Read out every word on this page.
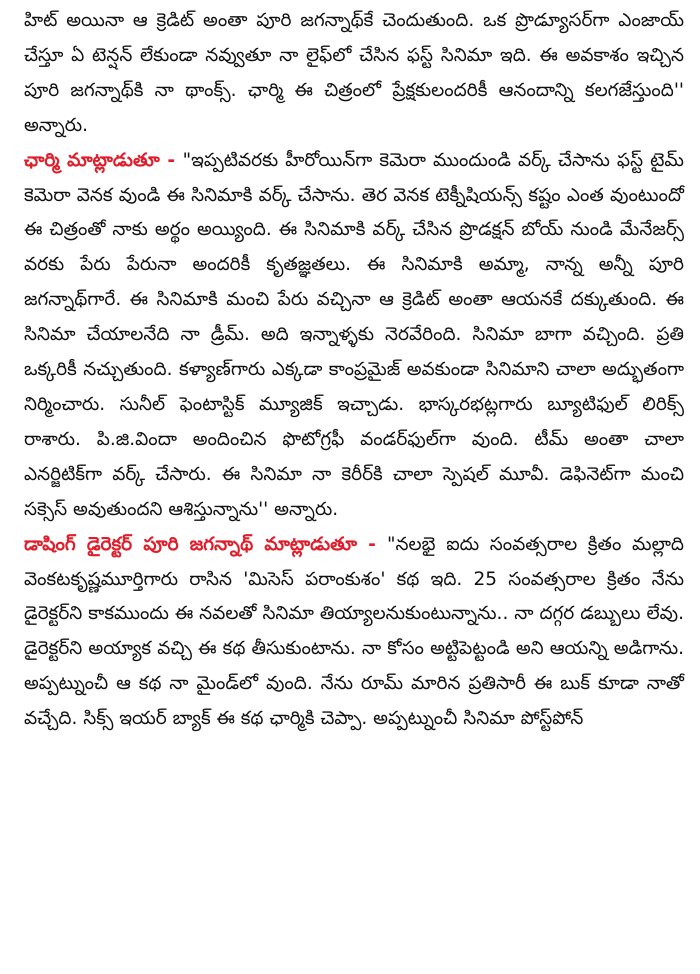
హిట్ అయినా ఆ క్రెడిట్ అంతా పూరి జగన్నాథ్‌కే చెందుతుంది. ఒక ప్రొడ్యూసర్‌గా ఎంజాయ్ చేస్తూ ఏ టెన్షన్ లేకుండా నవ్వుతూ నా లైఫ్‌లో చేసిన ఫస్ట్ సినిమా ఇది. ఈ అవకాశం ఇచ్చిన పూరి జగన్నాథ్‌కి నా థాంక్స్. ఛార్మి ఈ చిత్రంలో ప్రేక్షకులందరికీ ఆనందాన్ని కలగజేస్తుంది'' అన్నారు.

ఛార్మి మాట్లాడుతూ - "ఇప్పటివరకు హీరోయిన్‌గా కెమెరా ముందుండి వర్క్ చేసాను ఫస్ట్ టైమ్ కెమెరా వెనక వుండి ఈ సినిమాకి వర్క్ చేసాను. తెర వెనక టెక్నీషియన్స్ కష్టం ఎంత వుంటుందో ఈ చిత్రంతో నాకు అర్థం అయ్యింది. ఈ సినిమాకి వర్క్ చేసిన ప్రొడక్షన్ బోయ్ నుండి మేనేజర్స్ వరకు పేరు పేరునా అందరికీ కృతజ్ఞతలు. ఈ సినిమాకి అమ్మా, నాన్న అన్నీ పూరి జగన్నాథ్‌గారే. ఈ సినిమాకి మంచి పేరు వచ్చినా ఆ క్రెడిట్ అంతా ఆయనకే దక్కుతుంది. ఈ సినిమా చేయాలనేది నా డ్రీమ్. అది ఇన్నాళ్ళకు నెరవేరింది. సినిమా బాగా వచ్చింది. ప్రతి ఒక్కరికీ నచ్చుతుంది. కళ్యాణ్‌గారు ఎక్కడా కాంప్రమైజ్ అవకుండా సినిమాని చాలా అద్భుతంగా నిర్మించారు. సునీల్ ఫెంటాస్టిక్ మ్యూజిక్ ఇచ్చాడు. భాస్కరభట్లగారు బ్యూటిఫుల్ లిరిక్స్ రాశారు. పి.జి.విందా అందించిన ఫొటోగ్రఫీ వండర్‌ఫుల్‌గా వుంది. టీమ్ అంతా చాలా ఎనర్జిటిక్‌గా వర్క్ చేసారు. ఈ సినిమా నా కెరీర్‌కి చాలా స్పెషల్ మూవీ. డెఫినెట్‌గా మంచి సక్సెస్ అవుతుందని ఆశిస్తున్నాను'' అన్నారు.

డాషింగ్ డైరెక్టర్ పూరి జగన్నాథ్ మాట్లాడుతూ - "నలభై ఐదు సంవత్సరాల క్రితం మల్లాది వెంకటకృష్ణమూర్తిగారు రాసిన 'మిసెస్ పరాంకుశం' కథ ఇది. 25 సంవత్సరాల క్రితం నేను డైరెక్టర్‌ని కాకముందు ఈ నవలతో సినిమా తియ్యాలనుకుంటున్నాను.. నా దగ్గర డబ్బులు లేవు. డైరెక్టర్‌ని అయ్యాక వచ్చి ఈ కథ తీసుకుంటాను. నా కోసం అట్టిపెట్టండి అని ఆయన్ని అడిగాను. అప్పట్నుంచీ ఆ కథ నా మైండ్‌లో వుంది. నేను రూమ్ మారిన ప్రతిసారీ ఈ బుక్ కూడా నాతో వచ్చేది. సిక్స్ ఇయర్ బ్యాక్ ఈ కథ ఛార్మికి చెప్పా. అప్పట్నుంచీ సినిమా పోస్ట్‌పోన్
